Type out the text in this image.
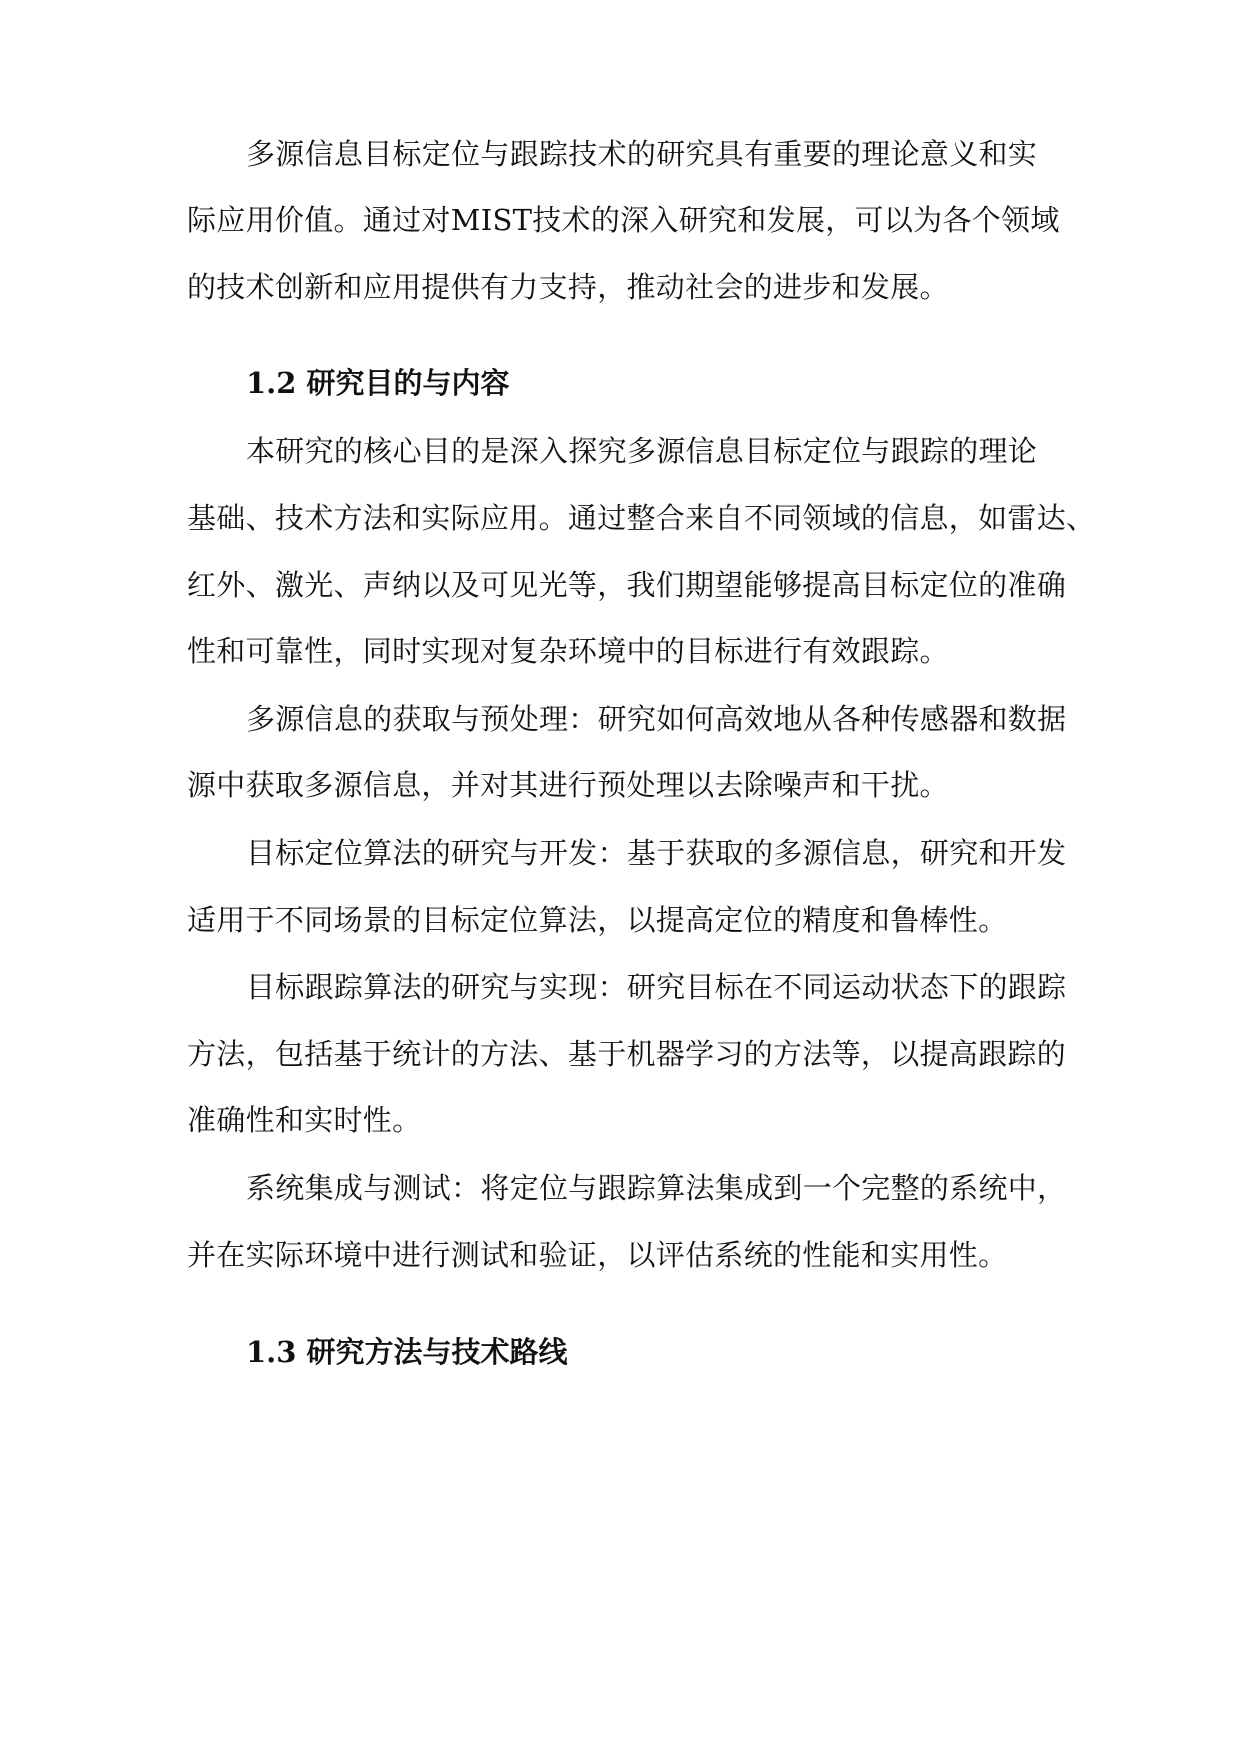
多源信息目标定位与跟踪技术的研究具有重要的理论意义和实
际应用价值。通过对MIST技术的深入研究和发展，可以为各个领域
的技术创新和应用提供有力支持，推动社会的进步和发展。
1.2 研究目的与内容
本研究的核心目的是深入探究多源信息目标定位与跟踪的理论
基础、技术方法和实际应用。通过整合来自不同领域的信息，如雷达、
红外、激光、声纳以及可见光等，我们期望能够提高目标定位的准确
性和可靠性，同时实现对复杂环境中的目标进行有效跟踪。
多源信息的获取与预处理：研究如何高效地从各种传感器和数据
源中获取多源信息，并对其进行预处理以去除噪声和干扰。
目标定位算法的研究与开发：基于获取的多源信息，研究和开发
适用于不同场景的目标定位算法，以提高定位的精度和鲁棒性。
目标跟踪算法的研究与实现：研究目标在不同运动状态下的跟踪
方法，包括基于统计的方法、基于机器学习的方法等，以提高跟踪的
准确性和实时性。
系统集成与测试：将定位与跟踪算法集成到一个完整的系统中，
并在实际环境中进行测试和验证，以评估系统的性能和实用性。
1.3 研究方法与技术路线
